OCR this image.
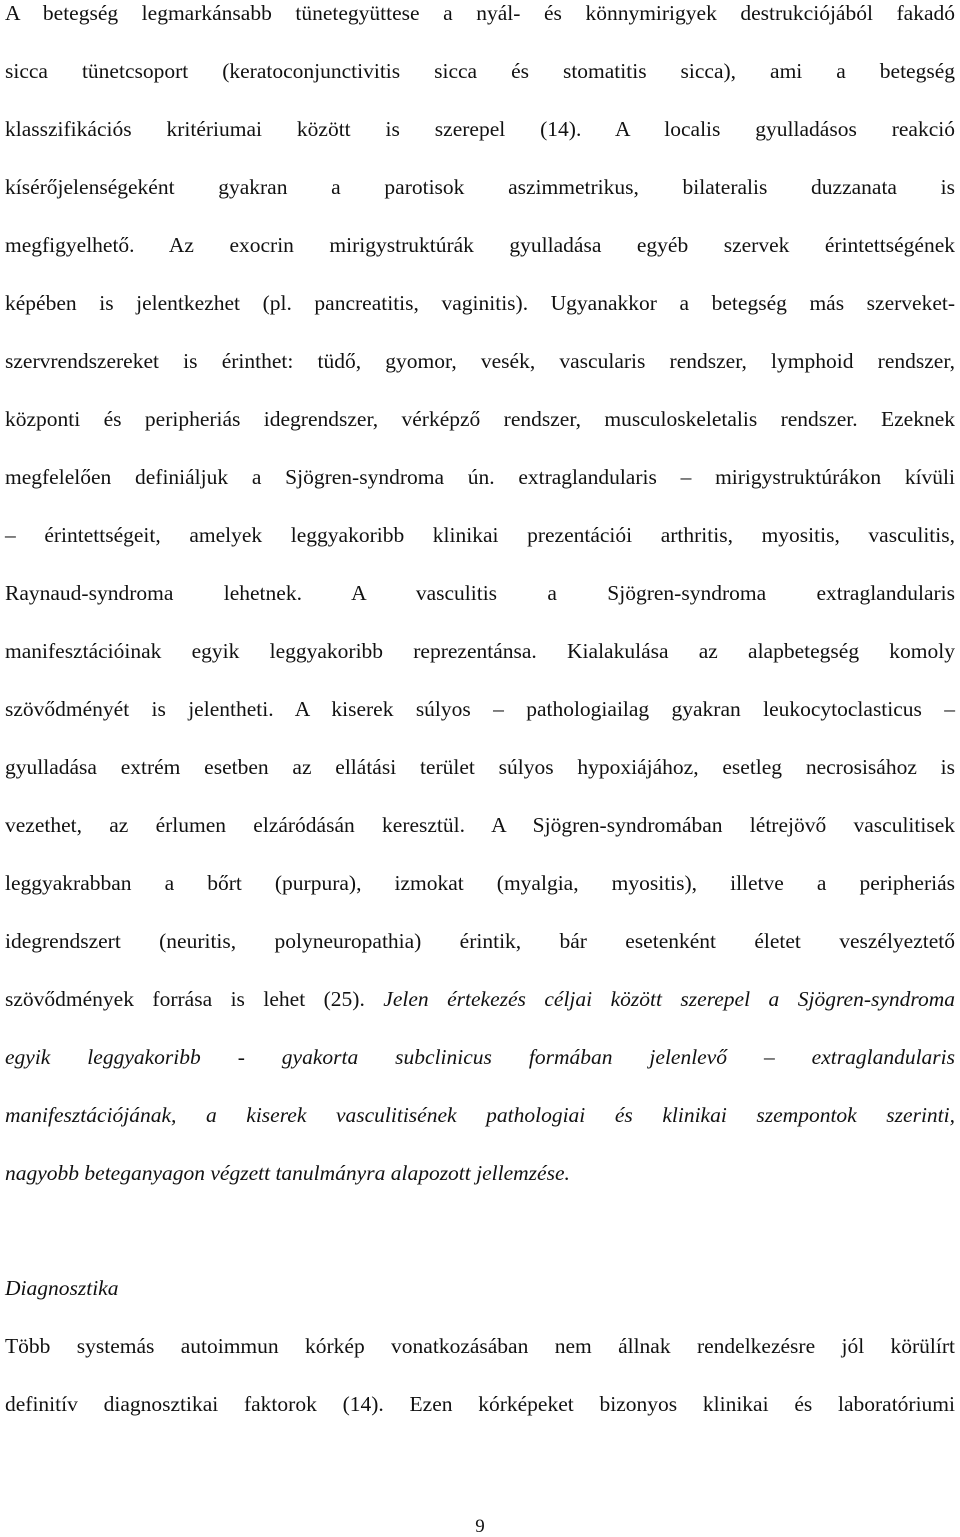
A betegség legmarkánsabb tünetegyüttese a nyál- és könnymirigyek destrukciójából fakadó
sicca tünetcsoport (keratoconjunctivitis sicca és stomatitis sicca), ami a betegség
klasszifikációs kritériumai között is szerepel (14). A localis gyulladásos reakció
kísérőjelenségeként gyakran a parotisok aszimmetrikus, bilateralis duzzanata is
megfigyelhető. Az exocrin mirigystruktúrák gyulladása egyéb szervek érintettségének
képében is jelentkezhet (pl. pancreatitis, vaginitis). Ugyanakkor a betegség más szerveket-
szervrendszereket is érinthet: tüdő, gyomor, vesék, vascularis rendszer, lymphoid rendszer,
központi és peripheriás idegrendszer, vérképző rendszer, musculoskeletalis rendszer. Ezeknek
megfelelően definiáljuk a Sjögren-syndroma ún. extraglandularis – mirigystruktúrákon kívüli
– érintettségeit, amelyek leggyakoribb klinikai prezentációi arthritis, myositis, vasculitis,
Raynaud-syndroma lehetnek. A vasculitis a Sjögren-syndroma extraglandularis
manifesztációinak egyik leggyakoribb reprezentánsa. Kialakulása az alapbetegség komoly
szövődményét is jelentheti. A kiserek súlyos – pathologiailag gyakran leukocytoclasticus –
gyulladása extrém esetben az ellátási terület súlyos hypoxiájához, esetleg necrosisához is
vezethet, az érlumen elzáródásán keresztül. A Sjögren-syndromában létrejövő vasculitisek
leggyakrabban a bőrt (purpura), izmokat (myalgia, myositis), illetve a peripheriás
idegrendszert (neuritis, polyneuropathia) érintik, bár esetenként életet veszélyeztető
szövődmények forrása is lehet (25). Jelen értekezés céljai között szerepel a Sjögren-syndroma
egyik leggyakoribb - gyakorta subclinicus formában jelenlevő – extraglandularis
manifesztációjának, a kiserek vasculitisének pathologiai és klinikai szempontok szerinti,
nagyobb beteganyagon végzett tanulmányra alapozott jellemzése.
Diagnosztika
Több systemás autoimmun kórkép vonatkozásában nem állnak rendelkezésre jól körülírt
definitív diagnosztikai faktorok (14). Ezen kórképeket bizonyos klinikai és laboratóriumi
9
